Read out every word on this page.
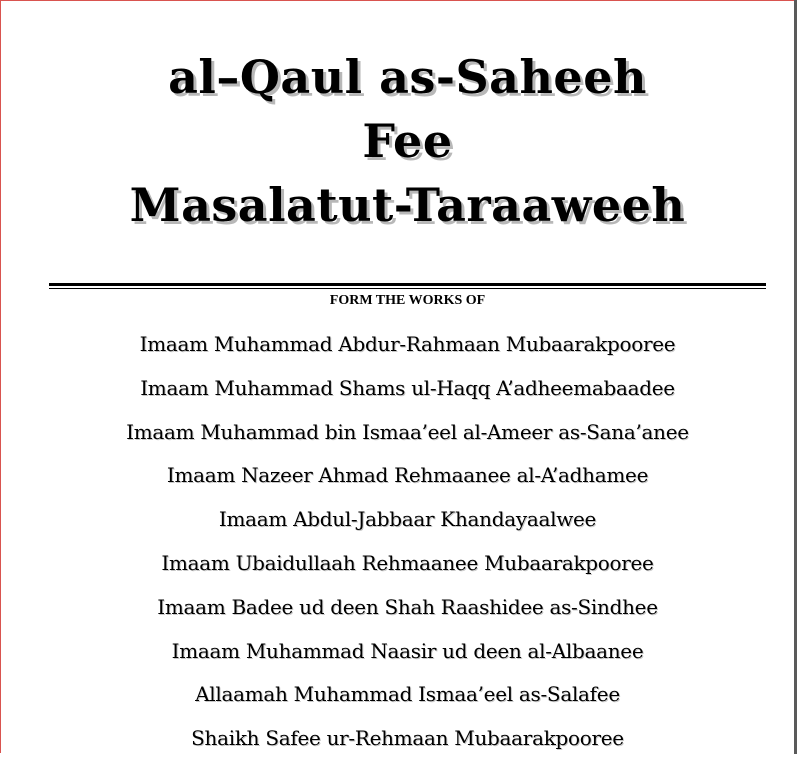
al–Qaul as-Saheeh
Fee
Masalatut-Taraaweeh
FORM THE WORKS OF
Imaam Muhammad Abdur-Rahmaan Mubaarakpooree
Imaam Muhammad Shams ul-Haqq A’adheemabaadee
Imaam Muhammad bin Ismaa’eel al-Ameer as-Sana’anee
Imaam Nazeer Ahmad Rehmaanee al-A’adhamee
Imaam Abdul-Jabbaar Khandayaalwee
Imaam Ubaidullaah Rehmaanee Mubaarakpooree
Imaam Badee ud deen Shah Raashidee as-Sindhee
Imaam Muhammad Naasir ud deen al-Albaanee
Allaamah Muhammad Ismaa’eel as-Salafee
Shaikh Safee ur-Rehmaan Mubaarakpooree
